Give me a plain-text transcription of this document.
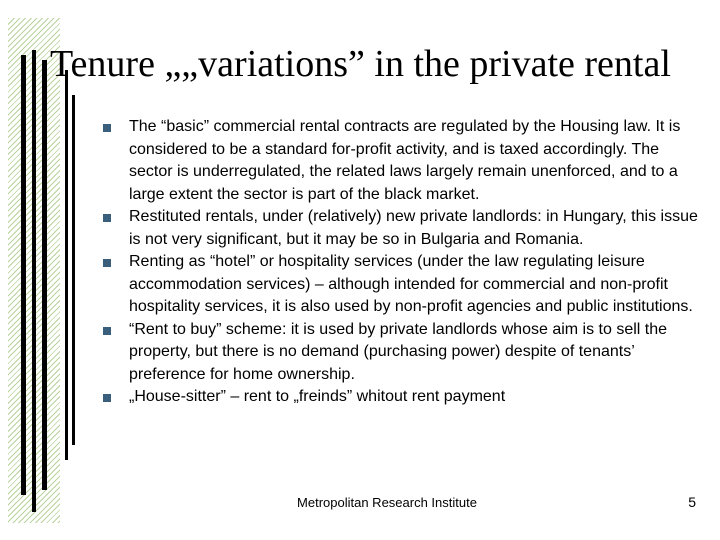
Tenure „„variations” in the private rental
The “basic” commercial rental contracts are regulated by the Housing law. It is considered to be a standard for-profit activity, and is taxed accordingly. The sector is underregulated, the related laws largely remain unenforced, and to a large extent the sector is part of the black market.
Restituted rentals, under (relatively) new private landlords: in Hungary, this issue is not very significant, but it may be so in Bulgaria and Romania.
Renting as “hotel” or hospitality services (under the law regulating leisure accommodation services) – although intended for commercial and non-profit hospitality services, it is also used by non-profit agencies and public institutions.
“Rent to buy” scheme: it is used by private landlords whose aim is to sell the property, but there is no demand (purchasing power) despite of tenants’ preference for home ownership.
„House-sitter” – rent to „freinds” whitout rent payment
Metropolitan Research Institute	5
